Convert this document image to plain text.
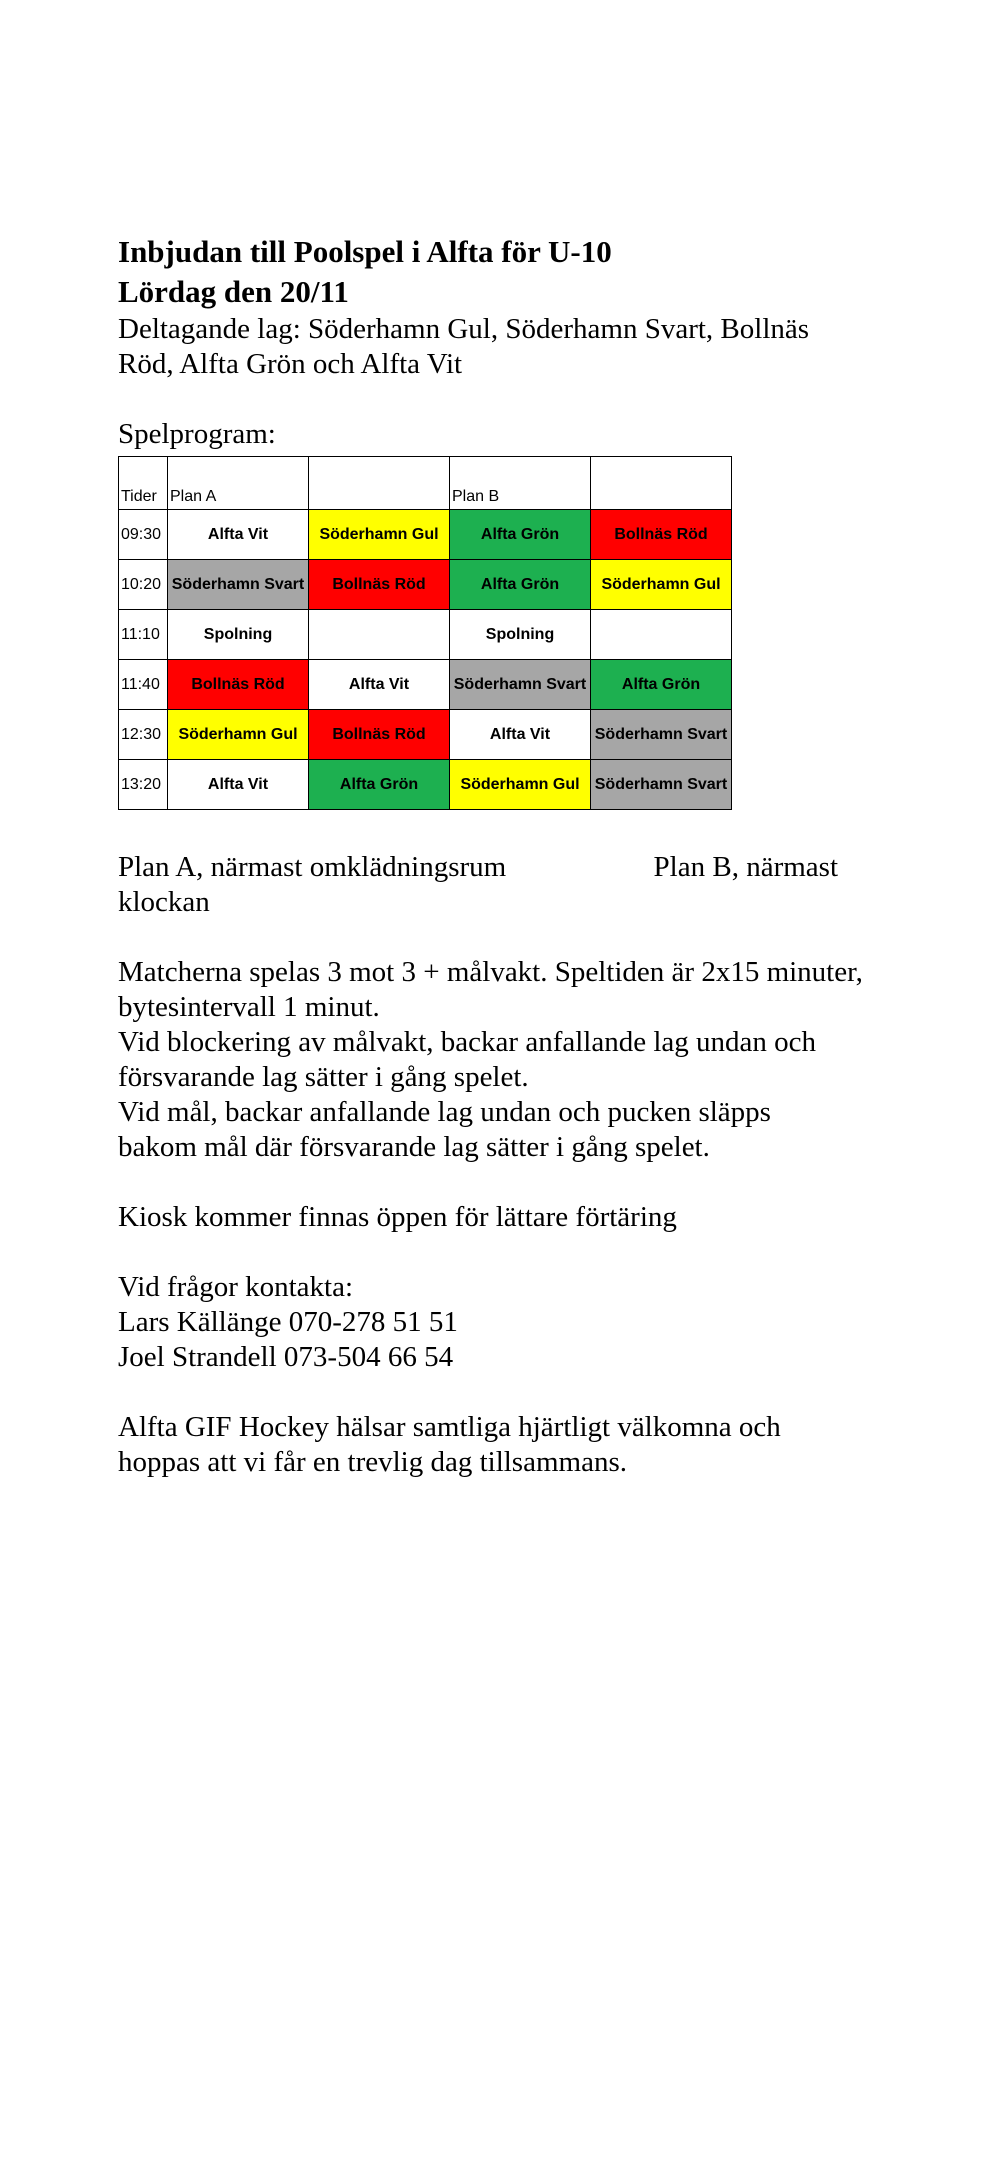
Inbjudan till Poolspel i Alfta för U-10

Lördag den 20/11

Deltagande lag: Söderhamn Gul, Söderhamn Svart, Bollnäs Röd, Alfta Grön och Alfta Vit

Spelprogram:

Tider	Plan A		Plan B	
09:30	Alfta Vit	Söderhamn Gul	Alfta Grön	Bollnäs Röd
10:20	Söderhamn Svart	Bollnäs Röd	Alfta Grön	Söderhamn Gul
11:10	Spolning		Spolning	
11:40	Bollnäs Röd	Alfta Vit	Söderhamn Svart	Alfta Grön
12:30	Söderhamn Gul	Bollnäs Röd	Alfta Vit	Söderhamn Svart
13:20	Alfta Vit	Alfta Grön	Söderhamn Gul	Söderhamn Svart
Plan A, närmast omklädningsrum	Plan B, närmast

klockan

Matcherna spelas 3 mot 3 + målvakt. Speltiden är 2x15 minuter, bytesintervall 1 minut.

Vid blockering av målvakt, backar anfallande lag undan och försvarande lag sätter i gång spelet.

Vid mål, backar anfallande lag undan och pucken släpps bakom mål där försvarande lag sätter i gång spelet.

Kiosk kommer finnas öppen för lättare förtäring

Vid frågor kontakta:

Lars Källänge 070-278 51 51

Joel Strandell 073-504 66 54

Alfta GIF Hockey hälsar samtliga hjärtligt välkomna och hoppas att vi får en trevlig dag tillsammans.
